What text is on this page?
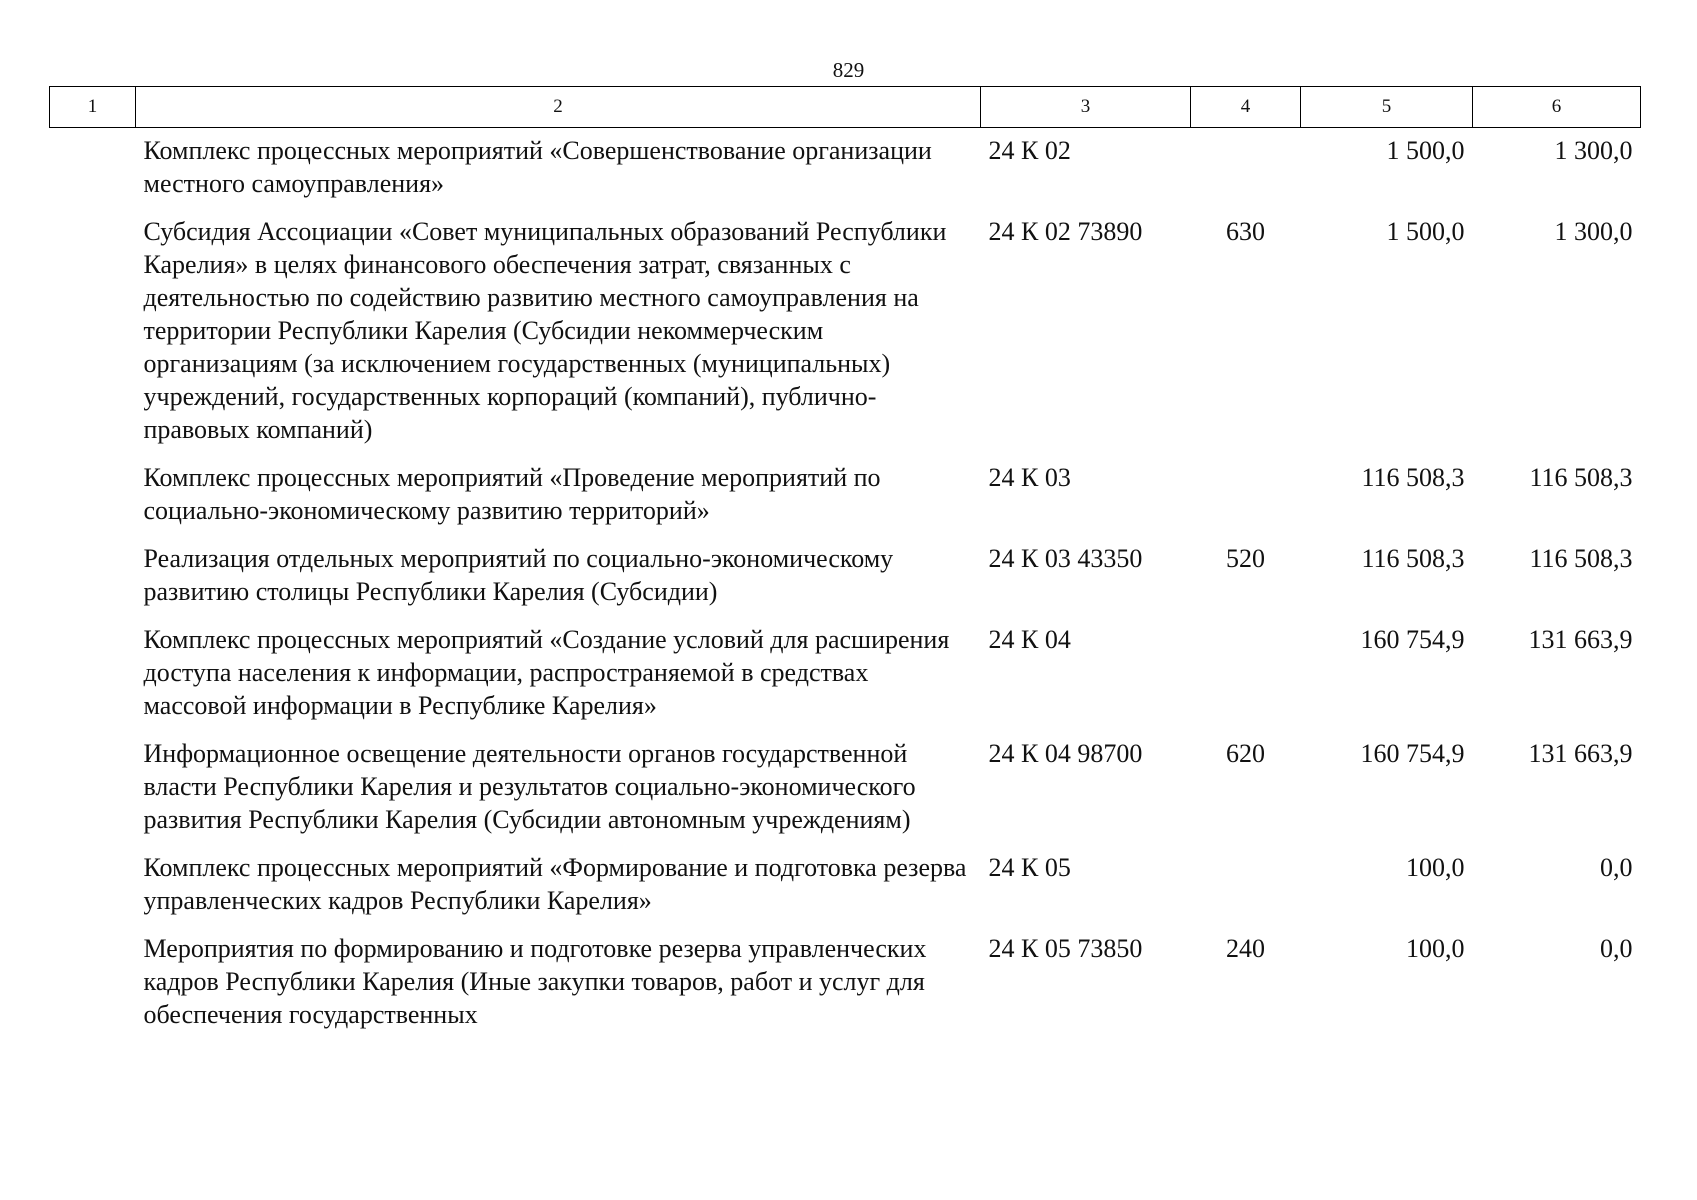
829
1	2	3	4	5	6
	Комплекс процессных мероприятий «Совершенствование организации местного самоуправления»	24 К 02		1 500,0	1 300,0
	Субсидия Ассоциации «Совет муниципальных образований Республики Карелия» в целях финансового обеспечения затрат, связанных с деятельностью по содействию развитию местного самоуправления на территории Республики Карелия (Субсидии некоммерческим организациям (за исключением государственных (муниципальных) учреждений, государственных корпораций (компаний), публично-правовых компаний)	24 К 02 73890	630	1 500,0	1 300,0
	Комплекс процессных мероприятий «Проведение мероприятий по социально-экономическому развитию территорий»	24 К 03		116 508,3	116 508,3
	Реализация отдельных мероприятий по социально-экономическому развитию столицы Республики Карелия (Субсидии)	24 К 03 43350	520	116 508,3	116 508,3
	Комплекс процессных мероприятий «Создание условий для расширения доступа населения к информации, распространяемой в средствах массовой информации в Республике Карелия»	24 К 04		160 754,9	131 663,9
	Информационное освещение деятельности органов государственной власти Республики Карелия и результатов социально-экономического развития Республики Карелия (Субсидии автономным учреждениям)	24 К 04 98700	620	160 754,9	131 663,9
	Комплекс процессных мероприятий «Формирование и подготовка резерва управленческих кадров Республики Карелия»	24 К 05		100,0	0,0
	Мероприятия по формированию и подготовке резерва управленческих кадров Республики Карелия (Иные закупки товаров, работ и услуг для обеспечения государственных	24 К 05 73850	240	100,0	0,0
